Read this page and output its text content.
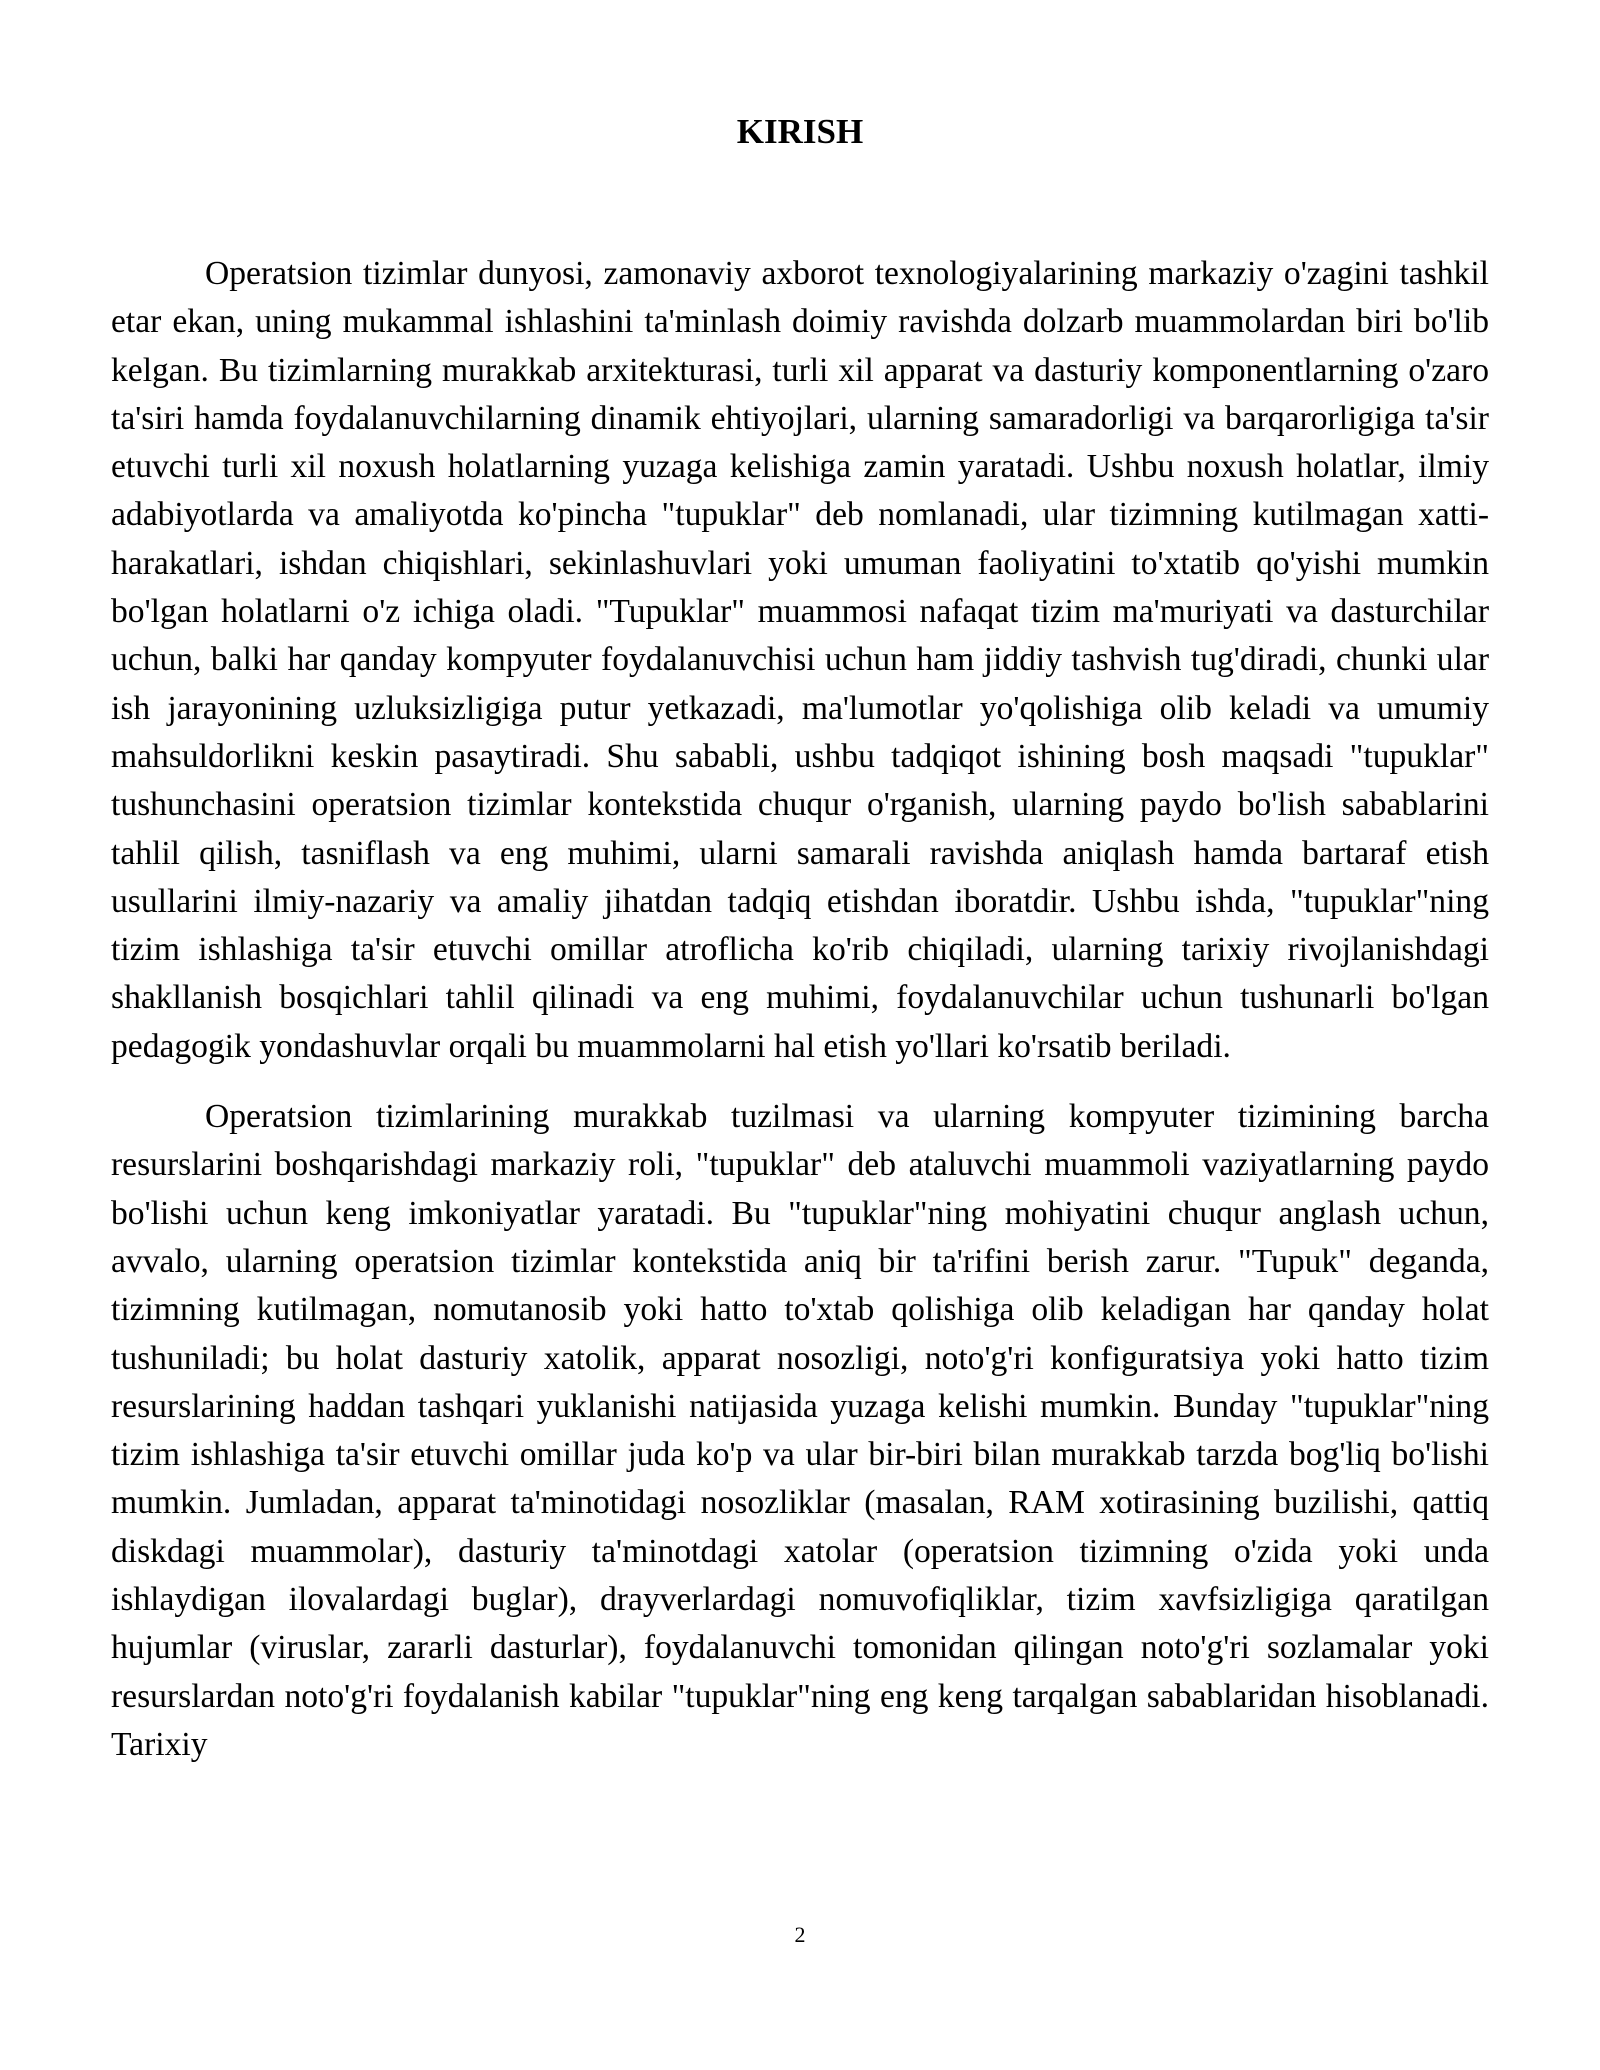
KIRISH

Operatsion tizimlar dunyosi, zamonaviy axborot texnologiyalarining markaziy o'zagini tashkil etar ekan, uning mukammal ishlashini ta'minlash doimiy ravishda dolzarb muammolardan biri bo'lib kelgan. Bu tizimlarning murakkab arxitekturasi, turli xil apparat va dasturiy komponentlarning o'zaro ta'siri hamda foydalanuvchilarning dinamik ehtiyojlari, ularning samaradorligi va barqarorligiga ta'sir etuvchi turli xil noxush holatlarning yuzaga kelishiga zamin yaratadi. Ushbu noxush holatlar, ilmiy adabiyotlarda va amaliyotda ko'pincha "tupuklar" deb nomlanadi, ular tizimning kutilmagan xatti-harakatlari, ishdan chiqishlari, sekinlashuvlari yoki umuman faoliyatini to'xtatib qo'yishi mumkin bo'lgan holatlarni o'z ichiga oladi. "Tupuklar" muammosi nafaqat tizim ma'muriyati va dasturchilar uchun, balki har qanday kompyuter foydalanuvchisi uchun ham jiddiy tashvish tug'diradi, chunki ular ish jarayonining uzluksizligiga putur yetkazadi, ma'lumotlar yo'qolishiga olib keladi va umumiy mahsuldorlikni keskin pasaytiradi. Shu sababli, ushbu tadqiqot ishining bosh maqsadi "tupuklar" tushunchasini operatsion tizimlar kontekstida chuqur o'rganish, ularning paydo bo'lish sabablarini tahlil qilish, tasniflash va eng muhimi, ularni samarali ravishda aniqlash hamda bartaraf etish usullarini ilmiy-nazariy va amaliy jihatdan tadqiq etishdan iboratdir. Ushbu ishda, "tupuklar"ning tizim ishlashiga ta'sir etuvchi omillar atroflicha ko'rib chiqiladi, ularning tarixiy rivojlanishdagi shakllanish bosqichlari tahlil qilinadi va eng muhimi, foydalanuvchilar uchun tushunarli bo'lgan pedagogik yondashuvlar orqali bu muammolarni hal etish yo'llari ko'rsatib beriladi.

Operatsion tizimlarining murakkab tuzilmasi va ularning kompyuter tizimining barcha resurslarini boshqarishdagi markaziy roli, "tupuklar" deb ataluvchi muammoli vaziyatlarning paydo bo'lishi uchun keng imkoniyatlar yaratadi. Bu "tupuklar"ning mohiyatini chuqur anglash uchun, avvalo, ularning operatsion tizimlar kontekstida aniq bir ta'rifini berish zarur. "Tupuk" deganda, tizimning kutilmagan, nomutanosib yoki hatto to'xtab qolishiga olib keladigan har qanday holat tushuniladi; bu holat dasturiy xatolik, apparat nosozligi, noto'g'ri konfiguratsiya yoki hatto tizim resurslarining haddan tashqari yuklanishi natijasida yuzaga kelishi mumkin. Bunday "tupuklar"ning tizim ishlashiga ta'sir etuvchi omillar juda ko'p va ular bir-biri bilan murakkab tarzda bog'liq bo'lishi mumkin. Jumladan, apparat ta'minotidagi nosozliklar (masalan, RAM xotirasining buzilishi, qattiq diskdagi muammolar), dasturiy ta'minotdagi xatolar (operatsion tizimning o'zida yoki unda ishlaydigan ilovalardagi buglar), drayverlardagi nomuvofiqliklar, tizim xavfsizligiga qaratilgan hujumlar (viruslar, zararli dasturlar), foydalanuvchi tomonidan qilingan noto'g'ri sozlamalar yoki resurslardan noto'g'ri foydalanish kabilar "tupuklar"ning eng keng tarqalgan sabablaridan hisoblanadi. Tarixiy

2
